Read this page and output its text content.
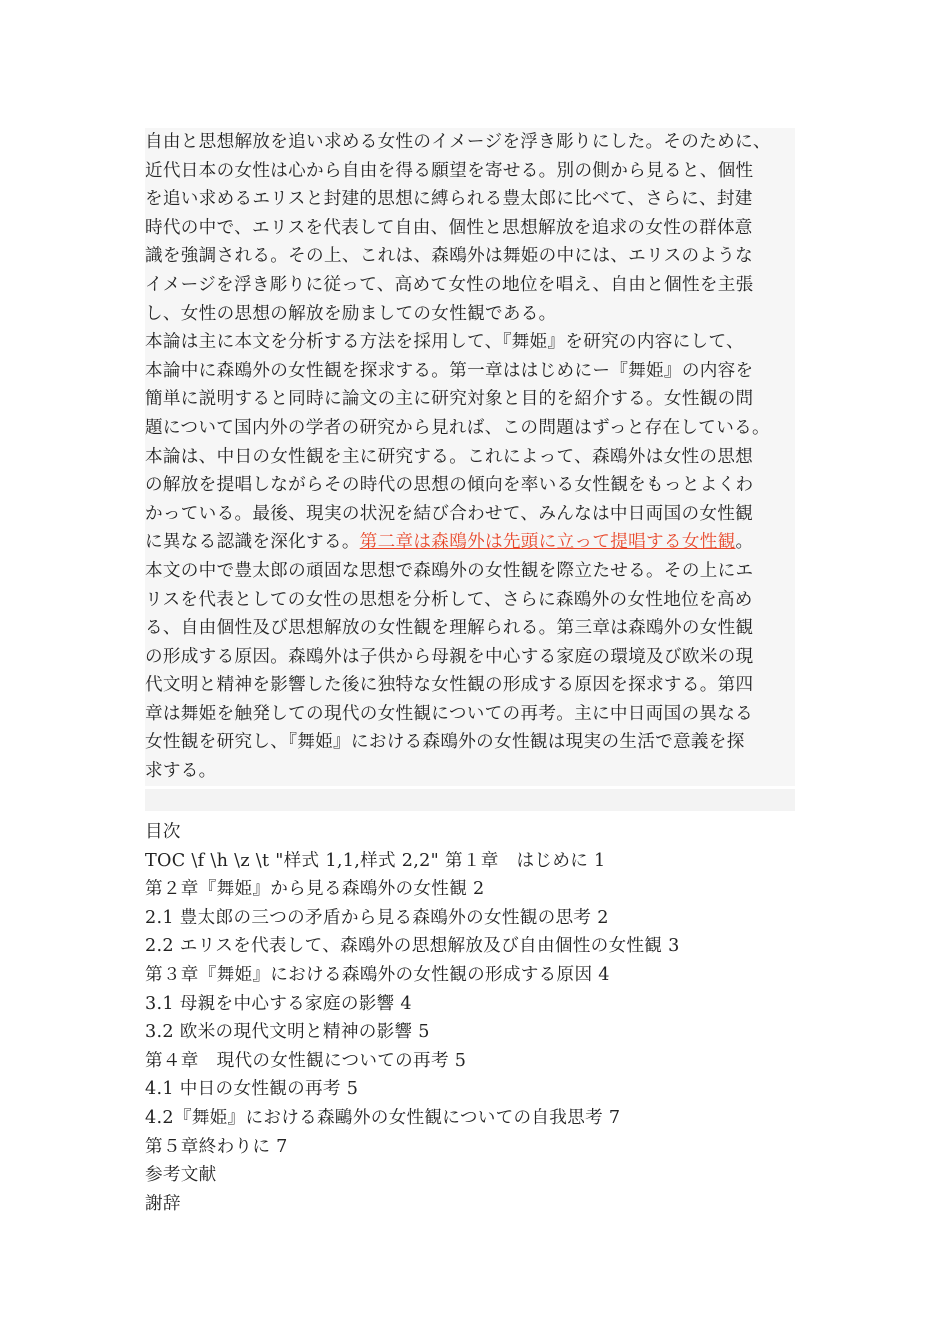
自由と思想解放を追い求める女性のイメージを浮き彫りにした。そのために、
近代日本の女性は心から自由を得る願望を寄せる。別の側から見ると、個性
を追い求めるエリスと封建的思想に縛られる豊太郎に比べて、さらに、封建
時代の中で、エリスを代表して自由、個性と思想解放を追求の女性の群体意
識を強調される。その上、これは、森鴎外は舞姫の中には、エリスのような
イメージを浮き彫りに従って、高めて女性の地位を唱え、自由と個性を主張
し、女性の思想の解放を励ましての女性観である。
本論は主に本文を分析する方法を採用して、『舞姫』を研究の内容にして、
本論中に森鴎外の女性観を探求する。第一章ははじめにー『舞姫』の内容を
簡単に説明すると同時に論文の主に研究対象と目的を紹介する。女性観の問
題について国内外の学者の研究から見れば、この問題はずっと存在している。
本論は、中日の女性観を主に研究する。これによって、森鴎外は女性の思想
の解放を提唱しながらその時代の思想の傾向を率いる女性観をもっとよくわ
かっている。最後、現実の状況を結び合わせて、みんなは中日両国の女性観
に異なる認識を深化する。第二章は森鴎外は先頭に立って提唱する女性観。
本文の中で豊太郎の頑固な思想で森鴎外の女性観を際立たせる。その上にエ
リスを代表としての女性の思想を分析して、さらに森鴎外の女性地位を高め
る、自由個性及び思想解放の女性観を理解られる。第三章は森鴎外の女性観
の形成する原因。森鴎外は子供から母親を中心する家庭の環境及び欧米の現
代文明と精神を影響した後に独特な女性観の形成する原因を探求する。第四
章は舞姫を触発しての現代の女性観についての再考。主に中日両国の異なる
女性観を研究し、『舞姫』における森鴎外の女性観は現実の生活で意義を探
求する。
目次
TOC \f \h \z \t "样式 1,1,样式 2,2" 第１章　はじめに 1
第２章『舞姫』から見る森鴎外の女性観 2
2.1 豊太郎の三つの矛盾から見る森鴎外の女性観の思考 2
2.2 エリスを代表して、森鴎外の思想解放及び自由個性の女性観 3
第３章『舞姫』における森鴎外の女性観の形成する原因 4
3.1 母親を中心する家庭の影響 4
3.2 欧米の現代文明と精神の影響 5
第４章　現代の女性観についての再考 5
4.1 中日の女性観の再考 5
4.2『舞姫』における森鷗外の女性観についての自我思考 7
第５章終わりに 7
参考文献
謝辞
